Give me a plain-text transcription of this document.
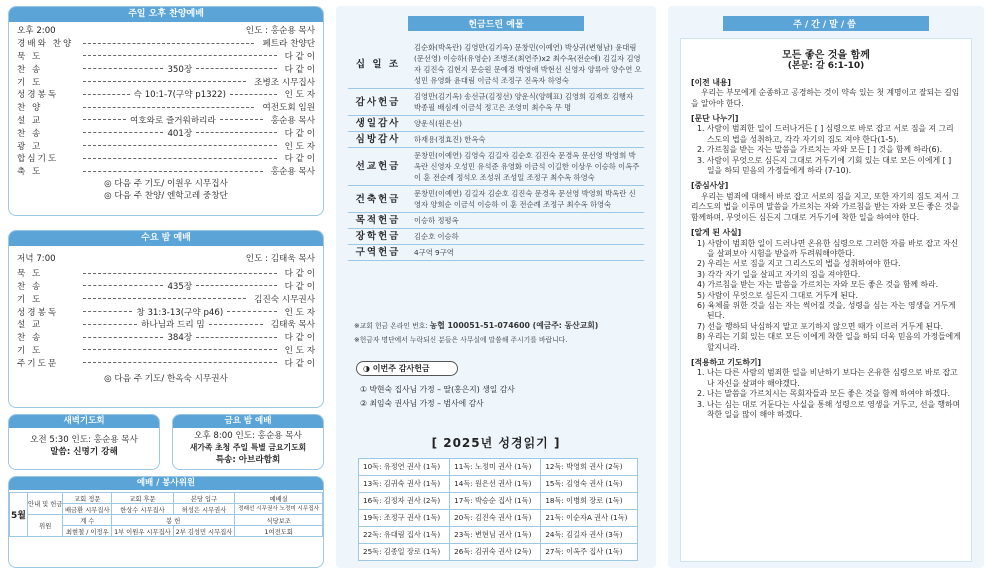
주일 오후 찬양예배
오후 2:00	인도 : 홍순용 목사
경배와 찬양	페트라 찬양단
묵 도	다 같 이
찬 송	350장	다 같 이
기 도	조병조 시무집사
성경봉독	슥 10:1-7(구약 p1322)	인 도 자
찬 양	여전도회 임원
설 교	여호와로 즐거워하리라	홍순용 목사
찬 송	401장	다 같 이
광 고	인 도 자
합심기도	다 같 이
축 도	홍순용 목사
◎ 다음 주 기도/ 이원우 시무집사
◎ 다음 주 찬양/ 엔학고레 중창단
수요 밤 예배
저녁 7:00	인도 : 김태욱 목사
묵 도	다 같 이
찬 송	435장	다 같 이
기 도	김진숙 시무권사
성경봉독	창 31:3-13(구약 p46)	인 도 자
설 교	하나님과 드리 밈	김태욱 목사
찬 송	384장	다 같 이
기 도	인 도 자
주기도문	다 같 이
◎ 다음 주 기도/ 한옥숙 시무권사
새벽기도회
오전 5:30 인도: 홍순용 목사
말씀: 신명기 강해
금요 밤 예배
오후 8:00 인도: 홍순용 목사
새가족 초청 주일 특별 금요기도회
특송: 아브라함회
예배 / 봉사위원
5월	안내 및 헌금	교회 정문	교회 후문	본당 입구	예배실
		배금환 시무집사	한상수 시무집사	허성은 시무권사	정래선 시무권사 노정미 시무집사
	위원	계 수	봉 헌		식당보조
		최현철 / 이정우	1부 이원우 시무집사	2부 김성민 시무집사	1여전도회
헌금드린 예물
십 일 조	김순화(박옥란) 김영만(김기옥) 문창민(이예연) 박상귀(변형남) 윤대림(문선영) 이승하(유영순) 조병조(최연주)x2 최수옥(전순애) 김길자 김영자 김진숙 김현지 문승원 문예경 박영애 박현선 신영자 양류아 양수연 오성민 유영화 윤대림 이금석 조정구 진옥자 하영숙
감사헌금	김영만(김기옥) 송선규(김정선) 양운식(양혜표) 김영희 김재호 김행자 박종필 배심례 이금석 정고은 조영미 최수옥 무 명
생일감사	양운식(원은선)
심방감사	하재용(정효진) 한옥숙
선교헌금	문창민(이예연) 김영숙 김길자 김순호 김진숙 문경옥 문선영 박영희 박옥란 신영자 오성민 유석준 유영화 이금석 이길한 이상우 이승하 이옥주 이 훈 전순례 정석오 조성위 조성일 조정구 최수옥 하영숙
건축헌금	문창민(이예연) 김길자 김순호 김진숙 문경옥 문선영 박영희 박옥란 신영자 양희순 이금석 이승하 이 훈 전순례 조정구 최수옥 하영숙
목적헌금	이승하 정평옥
장학헌금	김순호 이승하
구역헌금	4구역 9구역
※교회 헌금 온라인 번호: 농협 100051-51-074600 (예금주: 동산교회)
※헌금자 명단에서 누락되신 분들은 사무실에 말씀해 주시기를 바랍니다.
◑ 이번주 감사헌금
① 박현숙 집사님 가정 – 딸(홍은지) 생일 감사
② 최임숙 권사님 가정 – 범사에 감사
[ 2025년 성경읽기 ]
10독: 유정연 권사 (1독)	11독: 노정미 권사 (1독)	12독: 박영희 권사 (2독)
13독: 김귀숙 권사 (1독)	14독: 원은선 권사 (1독)	15독: 김영숙 권사 (1독)
16독: 김정자 권사 (2독)	17독: 박승순 집사 (1독)	18독: 이병희 장로 (1독)
19독: 조정구 권사 (1독)	20독: 김진숙 권사 (1독)	21독: 이순자A 권사 (1독)
22독: 유대림 집사 (1독)	23독: 변현님 권사 (1독)	24독: 김길자 권사 (3독)
25독: 김종일 장로 (1독)	26독: 김귀숙 권사 (2독)	27독: 이옥주 집사 (1독)
주/간/말/씀
모든 좋은 것을 함께
(본문: 갈 6:1-10)
[이전 내용]
우리는 부모에게 순종하고 공경하는 것이 약속 있는 첫 계명이고 잘되는 길임을 알아야 한다.
[문단 나누기]
1. 사람이 범죄한 일이 드러나거든 [ ] 심령으로 바로 잡고 서로 짐을 져 그리스도의 법을 성취하고, 각각 자기의 짐도 져야 한다(1-5).
2. 가르침을 받는 자는 말씀을 가르치는 자와 모든 [ ] 것을 함께 하라(6).
3. 사람이 무엇으로 심든지 그대로 거두기에 기회 있는 대로 모든 이에게 [ ] 일을 하되 믿음의 가정들에게 하라 (7-10).
[중심사상]
우리는 범죄에 대해서 바로 잡고 서로의 짐을 지고, 또한 자기의 짐도 져서 그리스도의 법을 이루며 말씀을 가르치는 자와 가르침을 받는 자와 모든 좋은 것을 함께하며, 무엇이든 심든지 그대로 거두기에 착한 일을 하여야 한다.
[알게 된 사실]
1) 사람이 범죄한 일이 드러나면 온유한 심령으로 그러한 자를 바로 잡고 자신을 살펴보아 시험을 받을까 두려워해야한다.
2) 우리는 서로 짐을 지고 그리스도의 법을 성취하여야 한다.
3) 각각 자기 일을 살피고 자기의 짐을 져야한다.
4) 가르침을 받는 자는 말씀을 가르치는 자와 모든 좋은 것을 함께 하라.
5) 사람이 무엇으로 심든지 그대로 거두게 된다.
6) 육체를 위한 것을 심는 자는 썩어질 것을, 성령을 심는 자는 영생을 거두게 된다.
7) 선을 행하되 낙심하지 말고 포기하지 않으면 때가 이르러 거두게 된다.
8) 우리는 기회 있는 대로 모든 이에게 착한 일을 하되 더욱 믿음의 가정들에게 할지니라.
[적용하고 기도하기]
1. 나는 다른 사람의 범죄한 일을 비난하기 보다는 온유한 심령으로 바로 잡고 나 자신을 살펴야 해야겠다.
2. 나는 말씀을 가르치시는 목회자들과 모든 좋은 것을 함께 하여야 하겠다.
3. 나는 심는 대로 거둔다는 사실을 통해 성령으로 영생을 거두고, 선을 행하며 착한 일을 많이 해야 하겠다.
